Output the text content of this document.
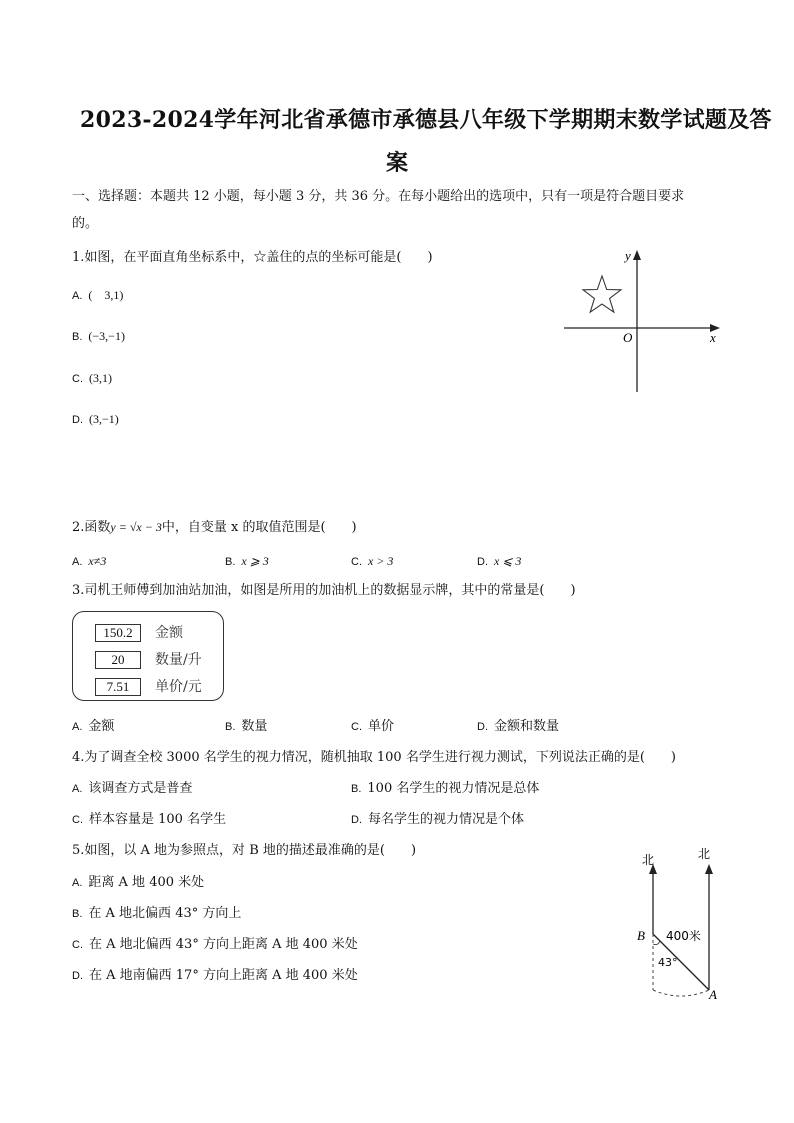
2023-2024学年河北省承德市承德县八年级下学期期末数学试题及答
案
一、选择题：本题共 12 小题，每小题 3 分，共 36 分。在每小题给出的选项中，只有一项是符合题目要求
的。
1.如图，在平面直角坐标系中，☆盖住的点的坐标可能是(　　)
A. (　3,1)
B. (−3,−1)
C. (3,1)
D. (3,−1)
y
x
O
2.函数y = √x − 3中，自变量 x 的取值范围是(　　)
A. x≠3	B. x ⩾ 3	C. x > 3	D. x ⩽ 3
3.司机王师傅到加油站加油，如图是所用的加油机上的数据显示牌，其中的常量是(　　)
150.2 金额
20 数量/升
7.51 单价/元
A. 金额	B. 数量	C. 单价	D. 金额和数量
4.为了调查全校 3000 名学生的视力情况，随机抽取 100 名学生进行视力测试，下列说法正确的是(　　)
A. 该调查方式是普查	B. 100 名学生的视力情况是总体
C. 样本容量是 100 名学生	D. 每名学生的视力情况是个体
5.如图，以 A 地为参照点，对 B 地的描述最准确的是(　　)
A. 距离 A 地 400 米处
B. 在 A 地北偏西 43° 方向上
C. 在 A 地北偏西 43° 方向上距离 A 地 400 米处
D. 在 A 地南偏西 17° 方向上距离 A 地 400 米处
北	北
B
A
400米
43°
